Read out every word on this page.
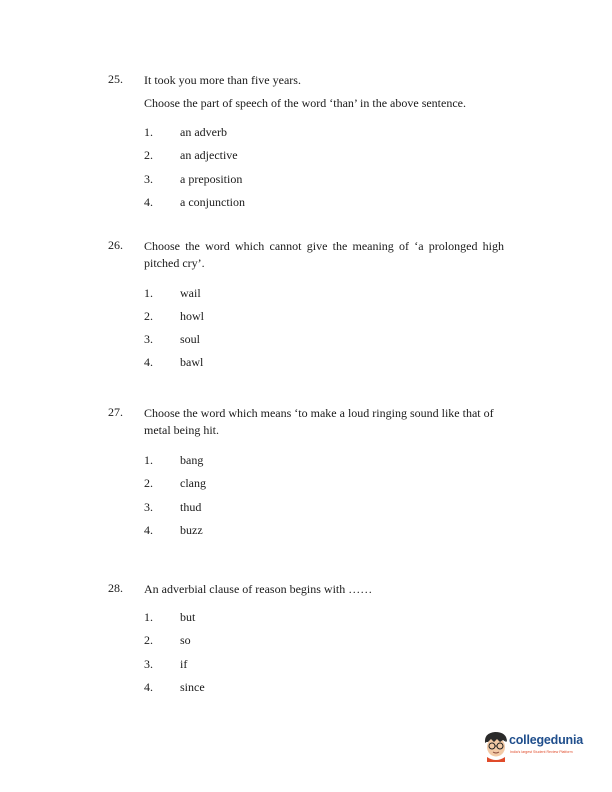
25. It took you more than five years.
Choose the part of speech of the word ‘than’ in the above sentence.
1.	an adverb
2.	an adjective
3.	a preposition
4.	a conjunction
26. Choose the word which cannot give the meaning of ‘a prolonged high pitched cry’.
1.	wail
2.	howl
3.	soul
4.	bawl
27. Choose the word which means ‘to make a loud ringing sound like that of metal being hit.
1.	bang
2.	clang
3.	thud
4.	buzz
28. An adverbial clause of reason begins with ……
1.	but
2.	so
3.	if
4.	since
collegedunia
India's largest Student Review Platform
